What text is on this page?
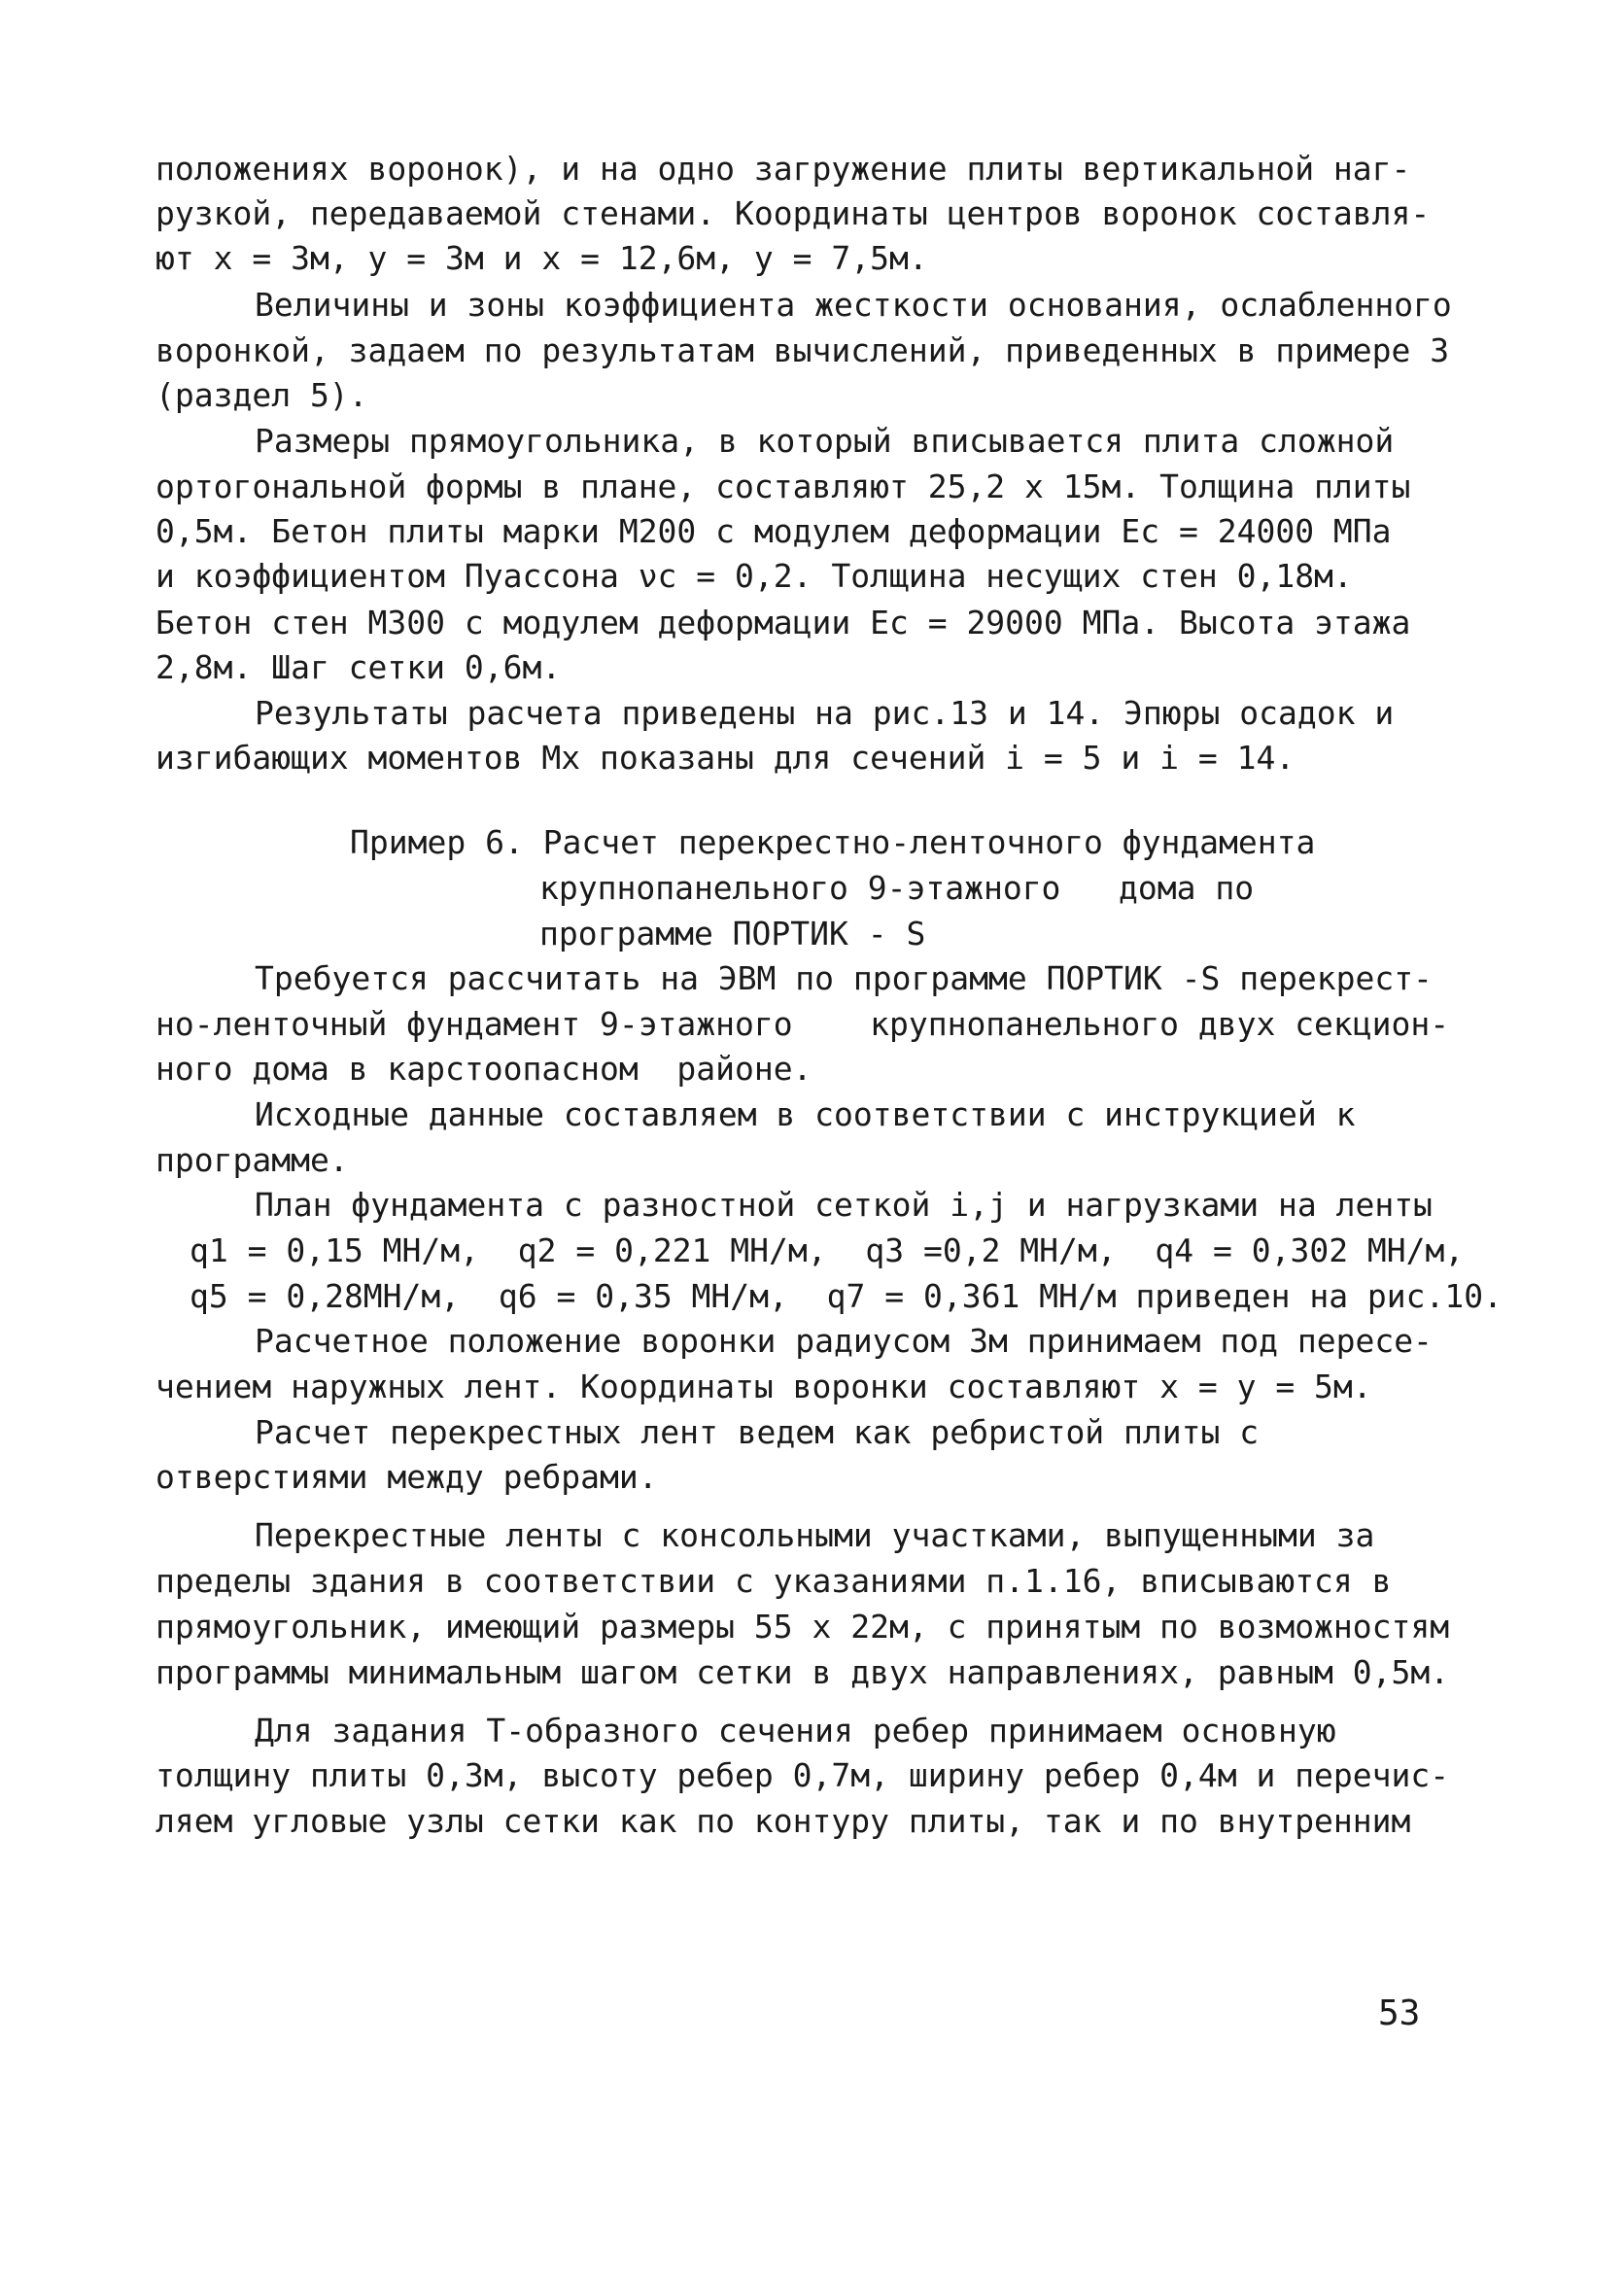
положениях воронок), и на одно загружение плиты вертикальной наг-
рузкой, передаваемой стенами. Координаты центров воронок составля-
ют x = 3м, y = 3м и x = 12,6м, y = 7,5м.
Величины и зоны коэффициента жесткости основания, ослабленного
воронкой, задаем по результатам вычислений, приведенных в примере 3
(раздел 5).
Размеры прямоугольника, в который вписывается плита сложной
ортогональной формы в плане, составляют 25,2 х 15м. Толщина плиты
0,5м. Бетон плиты марки М200 с модулем деформации Eс = 24000 МПа
и коэффициентом Пуассона νс = 0,2. Толщина несущих стен 0,18м.
Бетон стен М300 с модулем деформации Eс = 29000 МПа. Высота этажа
2,8м. Шаг сетки 0,6м.
Результаты расчета приведены на рис.13 и 14. Эпюры осадок и
изгибающих моментов Mх показаны для сечений i = 5 и i = 14.
Пример 6. Расчет перекрестно-ленточного фундамента
крупнопанельного 9-этажного   дома по
программе ПОРТИК - S
Требуется рассчитать на ЭВМ по программе ПОРТИК -S перекрест-
но-ленточный фундамент 9-этажного    крупнопанельного двух секцион-
ного дома в карстоопасном  районе.
Исходные данные составляем в соответствии с инструкцией к
программе.
План фундамента с разностной сеткой i,j и нагрузками на ленты
q1 = 0,15 МН/м,  q2 = 0,221 МН/м,  q3 =0,2 МН/м,  q4 = 0,302 МН/м,
q5 = 0,28МН/м,  q6 = 0,35 МН/м,  q7 = 0,361 МН/м приведен на рис.10.
Расчетное положение воронки радиусом 3м принимаем под пересе-
чением наружных лент. Координаты воронки составляют x = y = 5м.
Расчет перекрестных лент ведем как ребристой плиты с
отверстиями между ребрами.
Перекрестные ленты с консольными участками, выпущенными за
пределы здания в соответствии с указаниями п.1.16, вписываются в
прямоугольник, имеющий размеры 55 х 22м, с принятым по возможностям
программы минимальным шагом сетки в двух направлениях, равным 0,5м.
Для задания Т-образного сечения ребер принимаем основную
толщину плиты 0,3м, высоту ребер 0,7м, ширину ребер 0,4м и перечис-
ляем угловые узлы сетки как по контуру плиты, так и по внутренним
53
